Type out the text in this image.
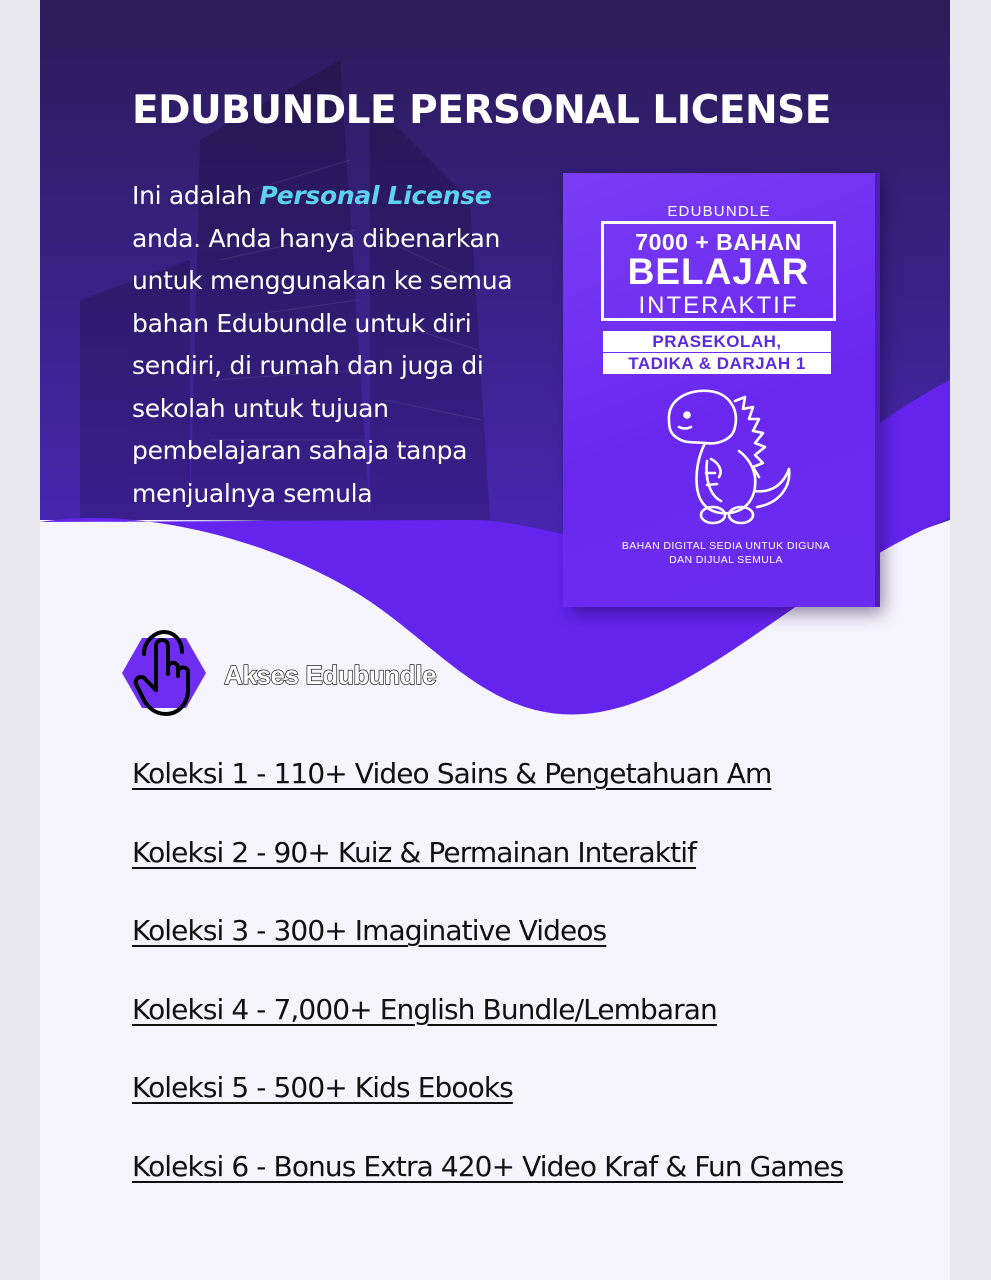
EDUBUNDLE PERSONAL LICENSE
Ini adalah Personal License anda. Anda hanya dibenarkan untuk menggunakan ke semua bahan Edubundle untuk diri sendiri, di rumah dan juga di sekolah untuk tujuan pembelajaran sahaja tanpa menjualnya semula
EDUBUNDLE
7000 + BAHAN
BELAJAR
INTERAKTIF
PRASEKOLAH,
TADIKA & DARJAH 1
BAHAN DIGITAL SEDIA UNTUK DIGUNA
DAN DIJUAL SEMULA
Akses Edubundle
Koleksi 1 - 110+ Video Sains & Pengetahuan Am
Koleksi 2 - 90+ Kuiz & Permainan Interaktif
Koleksi 3 - 300+ Imaginative Videos
Koleksi 4 - 7,000+ English Bundle/Lembaran
Koleksi 5 - 500+ Kids Ebooks
Koleksi 6 - Bonus Extra 420+ Video Kraf & Fun Games
